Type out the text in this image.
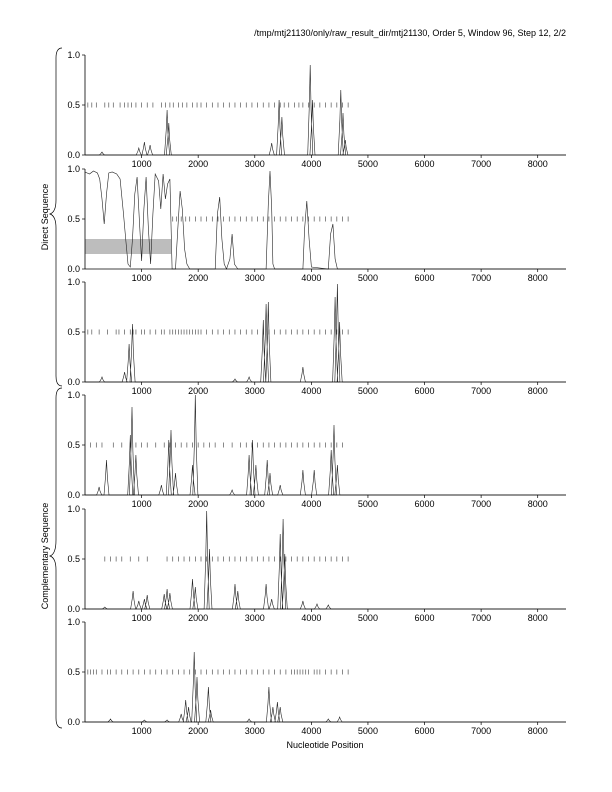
/tmp/mtj21130/only/raw_result_dir/mtj21130, Order 5, Window 96, Step 12, 2/2
Direct Sequence
Complementary Sequence
Nucleotide Position
0.0
0.5
1.0
1000	2000	3000	4000	5000	6000	7000	8000
0.0
0.5
1.0
1000	2000	3000	4000	5000	6000	7000	8000
0.0
0.5
1.0
1000	2000	3000	4000	5000	6000	7000	8000
0.0
0.5
1.0
1000	2000	3000	4000	5000	6000	7000	8000
0.0
0.5
1.0
1000	2000	3000	4000	5000	6000	7000	8000
0.0
0.5
1.0
1000	2000	3000	4000	5000	6000	7000	8000
